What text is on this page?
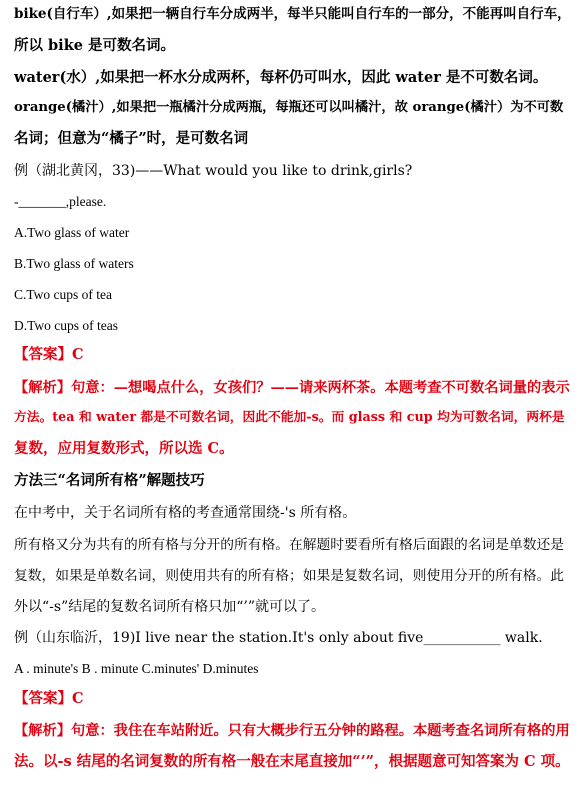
bike(自行车）,如果把一辆自行车分成两半，每半只能叫自行车的一部分，不能再叫自行车，
所以 bike 是可数名词。
water(水）,如果把一杯水分成两杯，每杯仍可叫水，因此 water 是不可数名词。
orange(橘汁）,如果把一瓶橘汁分成两瓶，每瓶还可以叫橘汁，故 orange(橘汁）为不可数
名词；但意为“橘子”时，是可数名词
例（湖北黄冈，33)——What would you like to drink,girls?
-_______,please.
A.Two glass of water
B.Two glass of waters
C.Two cups of tea
D.Two cups of teas
【答案】C
【解析】句意：—想喝点什么，女孩们？——请来两杯茶。本题考查不可数名词量的表示
方法。tea 和 water 都是不可数名词，因此不能加-s。而 glass 和 cup 均为可数名词，两杯是
复数，应用复数形式，所以选 C。
方法三“名词所有格”解题技巧
在中考中，关于名词所有格的考查通常围绕-'s 所有格。
所有格又分为共有的所有格与分开的所有格。在解题时要看所有格后面跟的名词是单数还是
复数，如果是单数名词，则使用共有的所有格；如果是复数名词，则使用分开的所有格。此
外以“-s”结尾的复数名词所有格只加“’”就可以了。
例（山东临沂，19)I live near the station.It's only about five___________ walk.
A . minute's B . minute C.minutes' D.minutes
【答案】C
【解析】句意：我住在车站附近。只有大概步行五分钟的路程。本题考查名词所有格的用
法。以-s 结尾的名词复数的所有格一般在末尾直接加“’”，根据题意可知答案为 C 项。
